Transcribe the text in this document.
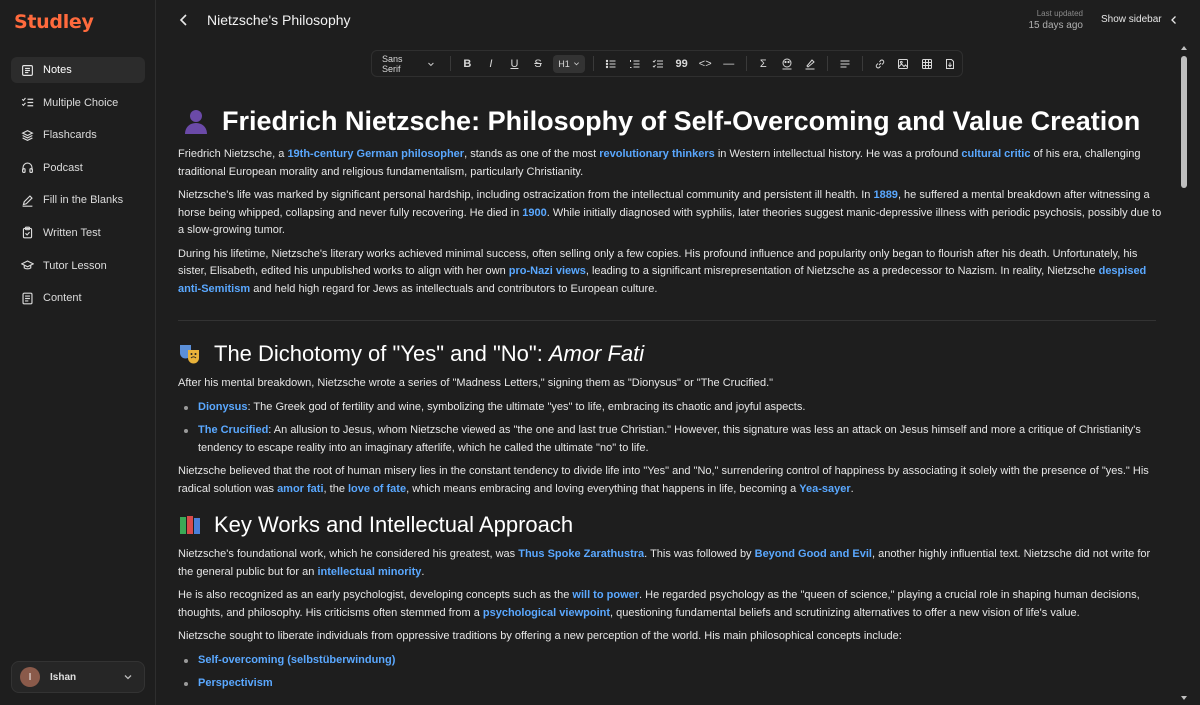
Studley
Notes
Multiple Choice
Flashcards
Podcast
Fill in the Blanks
Written Test
Tutor Lesson
Content
I	Ishan
Nietzsche's Philosophy	Last updated
15 days ago
Show sidebar
Sans Serif	B I U S H1	99 <> — Σ
Friedrich Nietzsche: Philosophy of Self-Overcoming and Value Creation

Friedrich Nietzsche, a 19th-century German philosopher, stands as one of the most revolutionary thinkers in Western intellectual history. He was a profound cultural critic of his era, challenging traditional European morality and religious fundamentalism, particularly Christianity.

Nietzsche's life was marked by significant personal hardship, including ostracization from the intellectual community and persistent ill health. In 1889, he suffered a mental breakdown after witnessing a horse being whipped, collapsing and never fully recovering. He died in 1900. While initially diagnosed with syphilis, later theories suggest manic-depressive illness with periodic psychosis, possibly due to a slow-growing tumor.

During his lifetime, Nietzsche's literary works achieved minimal success, often selling only a few copies. His profound influence and popularity only began to flourish after his death. Unfortunately, his sister, Elisabeth, edited his unpublished works to align with her own pro-Nazi views, leading to a significant misrepresentation of Nietzsche as a predecessor to Nazism. In reality, Nietzsche despised anti-Semitism and held high regard for Jews as intellectuals and contributors to European culture.

The Dichotomy of "Yes" and "No": Amor Fati

After his mental breakdown, Nietzsche wrote a series of "Madness Letters," signing them as "Dionysus" or "The Crucified."

Dionysus: The Greek god of fertility and wine, symbolizing the ultimate "yes" to life, embracing its chaotic and joyful aspects.
The Crucified: An allusion to Jesus, whom Nietzsche viewed as "the one and last true Christian." However, this signature was less an attack on Jesus himself and more a critique of Christianity's tendency to escape reality into an imaginary afterlife, which he called the ultimate "no" to life.

Nietzsche believed that the root of human misery lies in the constant tendency to divide life into "Yes" and "No," surrendering control of happiness by associating it solely with the presence of "yes." His radical solution was amor fati, the love of fate, which means embracing and loving everything that happens in life, becoming a Yea-sayer.

Key Works and Intellectual Approach

Nietzsche's foundational work, which he considered his greatest, was Thus Spoke Zarathustra. This was followed by Beyond Good and Evil, another highly influential text. Nietzsche did not write for the general public but for an intellectual minority.

He is also recognized as an early psychologist, developing concepts such as the will to power. He regarded psychology as the "queen of science," playing a crucial role in shaping human decisions, thoughts, and philosophy. His criticisms often stemmed from a psychological viewpoint, questioning fundamental beliefs and scrutinizing alternatives to offer a new vision of life's value.

Nietzsche sought to liberate individuals from oppressive traditions by offering a new perception of the world. His main philosophical concepts include:

Self-overcoming (selbstüberwindung)
Perspectivism
